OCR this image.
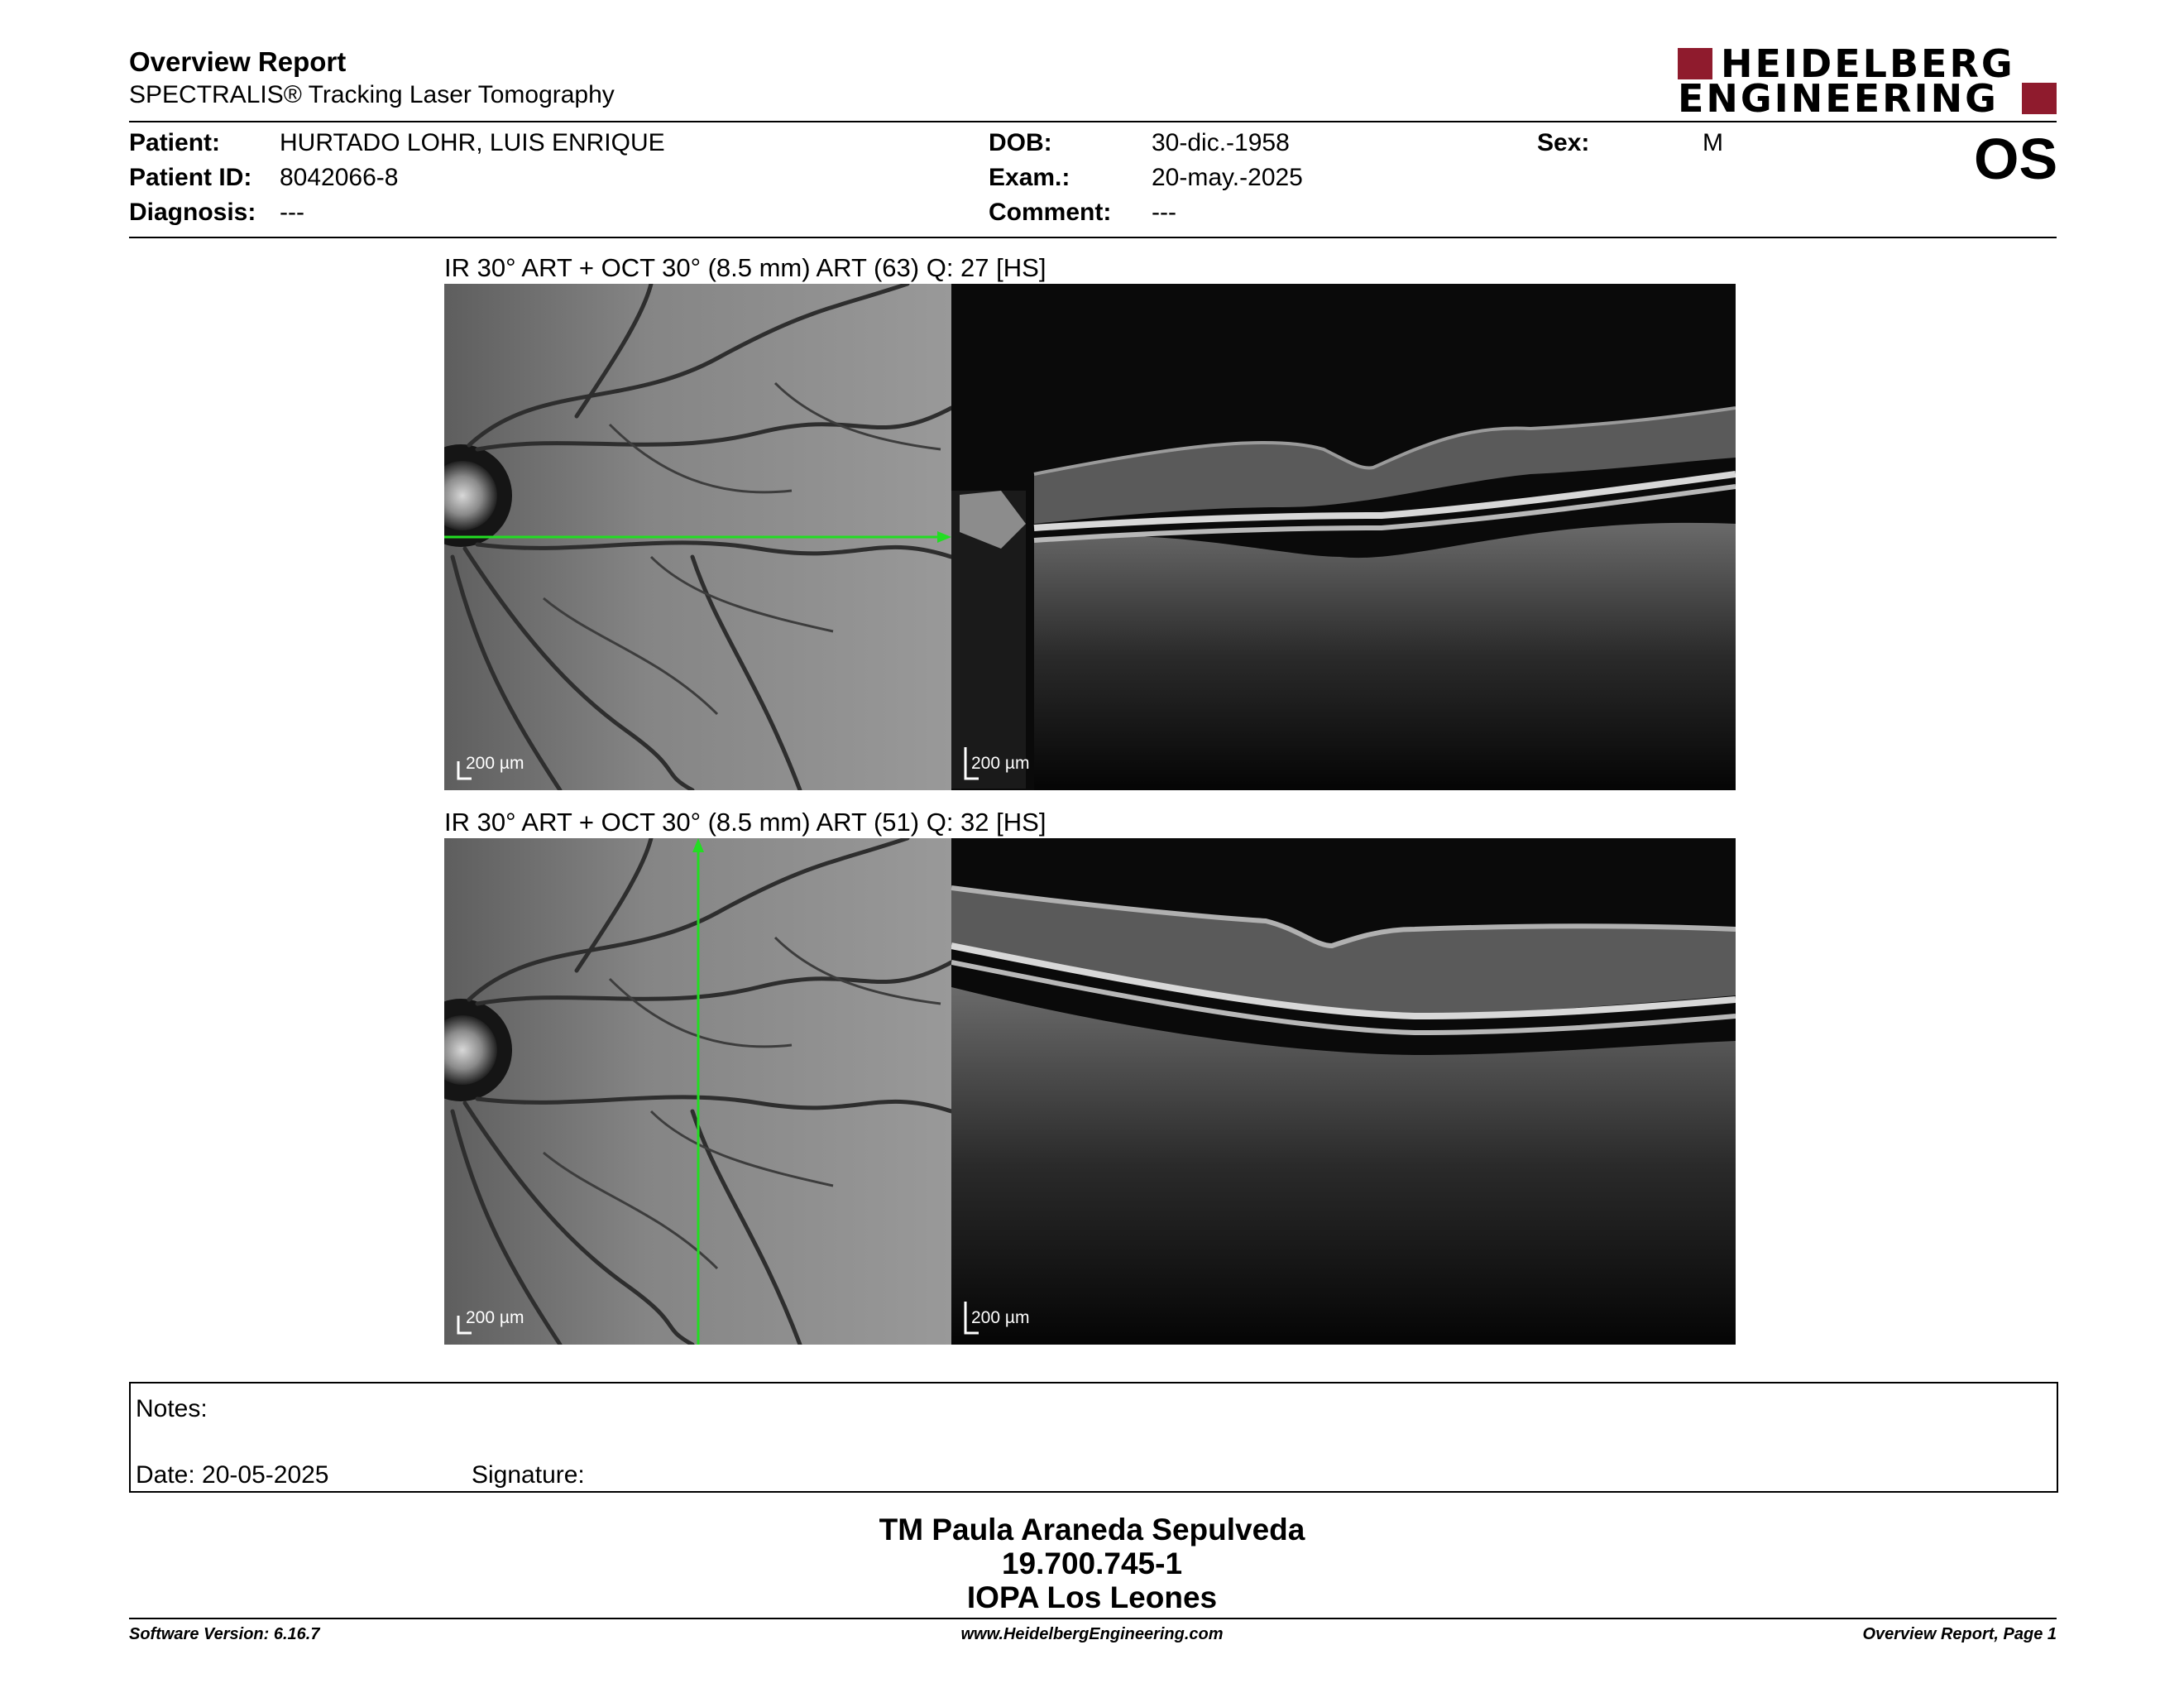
Overview Report
SPECTRALIS® Tracking Laser Tomography
HEIDELBERG
ENGINEERING
Patient: HURTADO LOHR, LUIS ENRIQUE
Patient ID: 8042066-8
Diagnosis: ---
DOB:	30-dic.-1958
Exam.:	20-may.-2025
Comment: ---
Sex:	M	OS
IR 30° ART + OCT 30° (8.5 mm) ART (63) Q: 27 [HS]
200 µm	200 µm
IR 30° ART + OCT 30° (8.5 mm) ART (51) Q: 32 [HS]
200 µm	200 µm
Notes:
Date: 20-05-2025	Signature:
TM Paula Araneda Sepulveda
19.700.745-1
IOPA Los Leones
Software Version: 6.16.7	www.HeidelbergEngineering.com	Overview Report, Page 1
